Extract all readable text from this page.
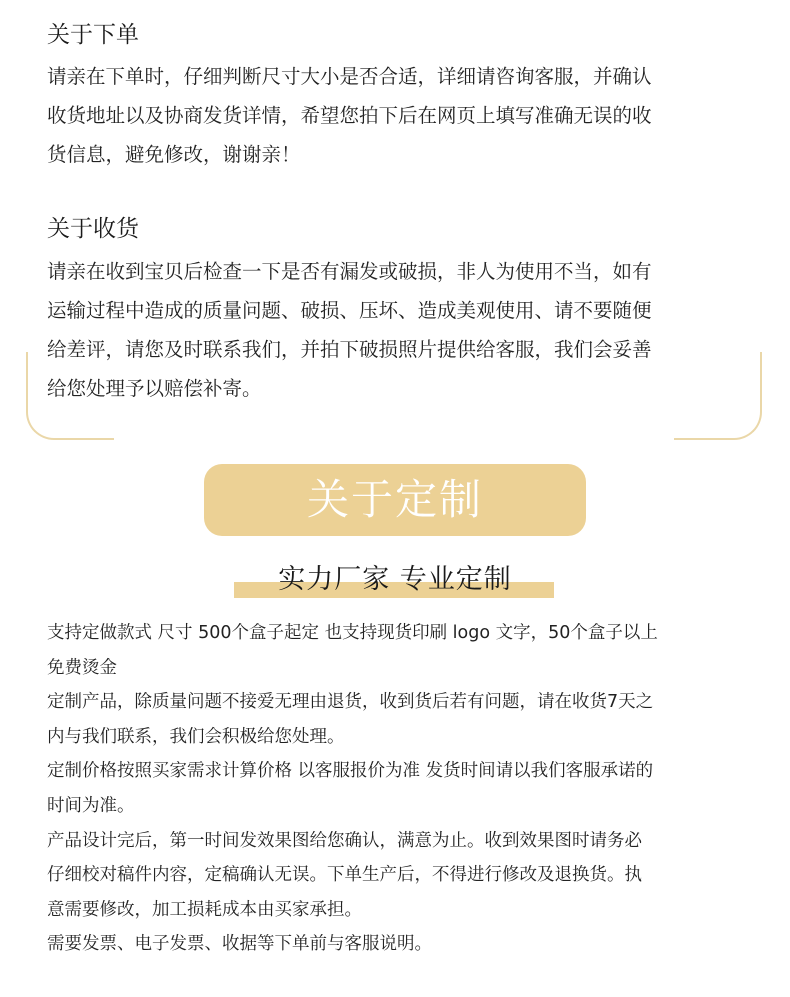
关于下单
请亲在下单时，仔细判断尺寸大小是否合适，详细请咨询客服，并确认
收货地址以及协商发货详情，希望您拍下后在网页上填写准确无误的收
货信息，避免修改，谢谢亲！
关于收货
请亲在收到宝贝后检查一下是否有漏发或破损，非人为使用不当，如有
运输过程中造成的质量问题、破损、压坏、造成美观使用、请不要随便
给差评，请您及时联系我们，并拍下破损照片提供给客服，我们会妥善
给您处理予以赔偿补寄。
关于定制
实力厂家 专业定制
支持定做款式 尺寸 500个盒子起定 也支持现货印刷 logo 文字，50个盒子以上
免费烫金
定制产品，除质量问题不接爱无理由退货，收到货后若有问题，请在收货7天之
内与我们联系，我们会积极给您处理。
定制价格按照买家需求计算价格 以客服报价为准 发货时间请以我们客服承诺的
时间为准。
产品设计完后，第一时间发效果图给您确认，满意为止。收到效果图时请务必
仔细校对稿件内容，定稿确认无误。下单生产后，不得进行修改及退换货。执
意需要修改，加工损耗成本由买家承担。
需要发票、电子发票、收据等下单前与客服说明。
